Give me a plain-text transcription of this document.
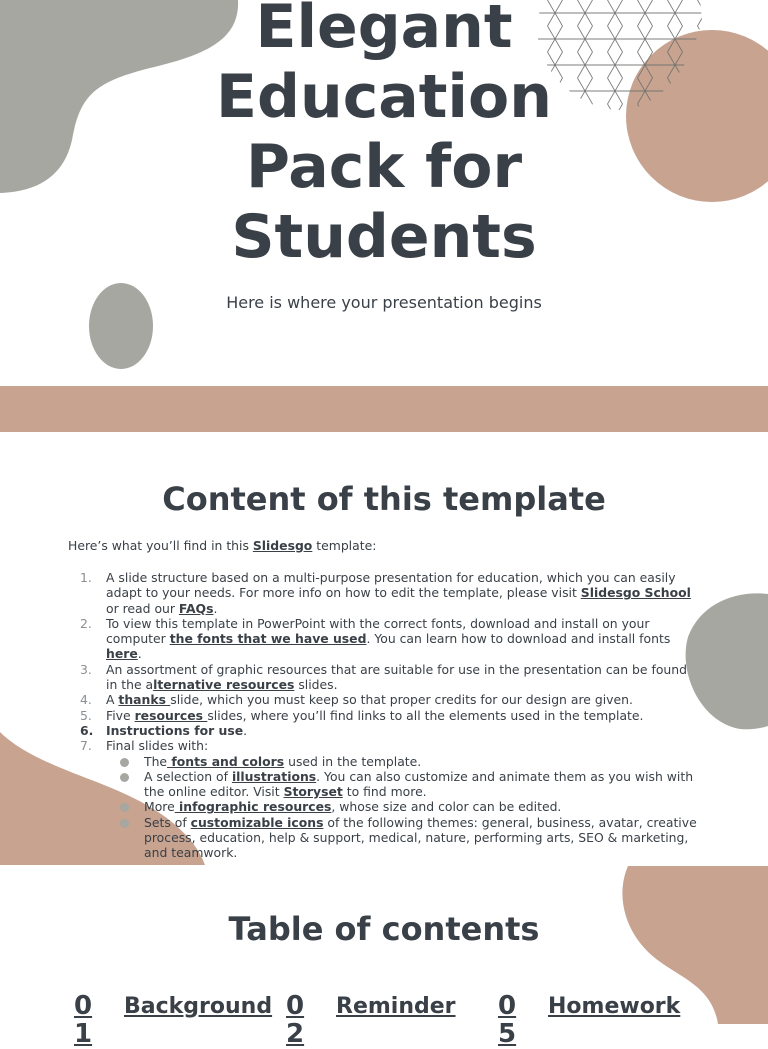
Elegant Education Pack for Students

Here is where your presentation begins

Content of this template

Here’s what you’ll find in this Slidesgo template:

1. A slide structure based on a multi-purpose presentation for education, which you can easily adapt to your needs. For more info on how to edit the template, please visit Slidesgo School or read our FAQs.
2. To view this template in PowerPoint with the correct fonts, download and install on your computer the fonts that we have used. You can learn how to download and install fonts here.
3. An assortment of graphic resources that are suitable for use in the presentation can be found in the alternative resources slides.
4. A thanks slide, which you must keep so that proper credits for our design are given.
5. Five resources slides, where you’ll find links to all the elements used in the template.
6. Instructions for use.
7. Final slides with:
The fonts and colors used in the template.
A selection of illustrations. You can also customize and animate them as you wish with the online editor. Visit Storyset to find more.
More infographic resources, whose size and color can be edited.
Sets of customizable icons of the following themes: general, business, avatar, creative process, education, help & support, medical, nature, performing arts, SEO & marketing, and teamwork.
Table of contents
01
Background 02
Reminder 05
Homework
